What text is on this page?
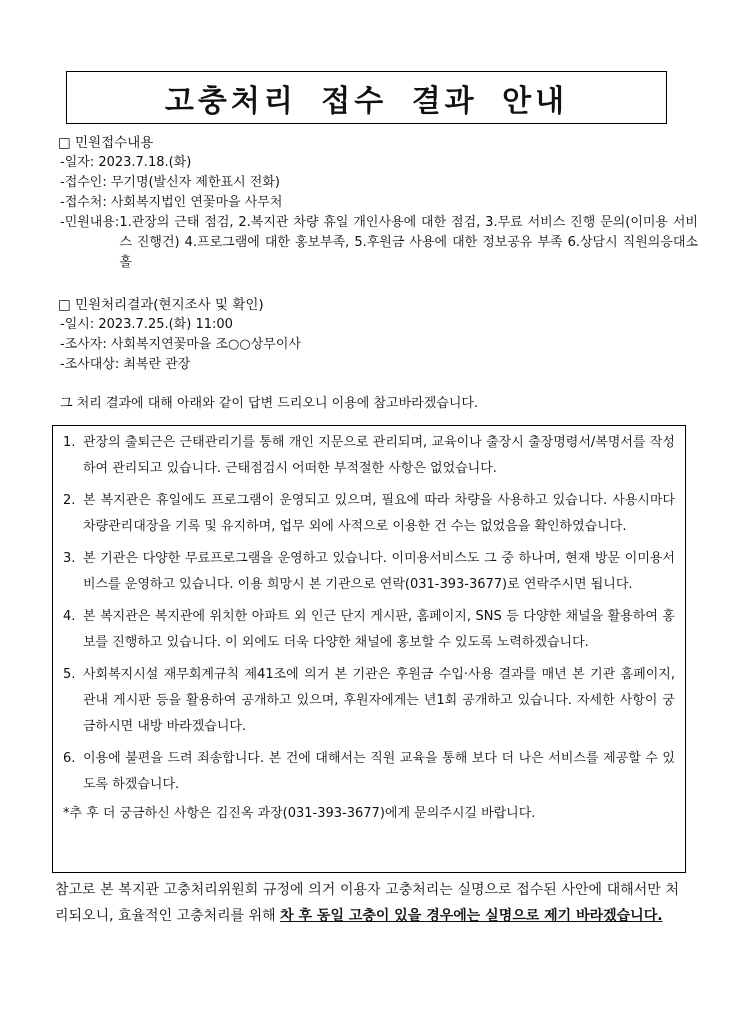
고충처리 접수 결과 안내
□ 민원접수내용
-일자: 2023.7.18.(화)
-접수인: 무기명(발신자 제한표시 전화)
-접수처: 사회복지법인 연꽃마을 사무처
-민원내용: 1.관장의 근태 점검, 2.복지관 차량 휴일 개인사용에 대한 점검, 3.무료 서비스 진행 문의(이미용 서비스 진행건) 4.프로그램에 대한 홍보부족, 5.후원금 사용에 대한 정보공유 부족 6.상담시 직원의응대소홀
□ 민원처리결과(현지조사 및 확인)
-일시: 2023.7.25.(화) 11:00
-조사자: 사회복지연꽃마을 조○○상무이사
-조사대상: 최복란 관장
그 처리 결과에 대해 아래와 같이 답변 드리오니 이용에 참고바라겠습니다.
1. 관장의 출퇴근은 근태관리기를 통해 개인 지문으로 관리되며, 교육이나 출장시 출장명령서/복명서를 작성하여 관리되고 있습니다. 근태점검시 어떠한 부적절한 사항은 없었습니다.
2. 본 복지관은 휴일에도 프로그램이 운영되고 있으며, 필요에 따라 차량을 사용하고 있습니다. 사용시마다 차량관리대장을 기록 및 유지하며, 업무 외에 사적으로 이용한 건 수는 없었음을 확인하였습니다.
3. 본 기관은 다양한 무료프로그램을 운영하고 있습니다. 이미용서비스도 그 중 하나며, 현재 방문 이미용서비스를 운영하고 있습니다. 이용 희망시 본 기관으로 연락(031-393-3677)로 연락주시면 됩니다.
4. 본 복지관은 복지관에 위치한 아파트 외 인근 단지 게시판, 홈페이지, SNS 등 다양한 채널을 활용하여 홍보를 진행하고 있습니다. 이 외에도 더욱 다양한 채널에 홍보할 수 있도록 노력하겠습니다.
5. 사회복지시설 재무회계규칙 제41조에 의거 본 기관은 후원금 수입·사용 결과를 매년 본 기관 홈페이지, 관내 게시판 등을 활용하여 공개하고 있으며, 후원자에게는 년1회 공개하고 있습니다. 자세한 사항이 궁금하시면 내방 바라겠습니다.
6. 이용에 불편을 드려 죄송합니다. 본 건에 대해서는 직원 교육을 통해 보다 더 나은 서비스를 제공할 수 있도록 하겠습니다.
*추 후 더 궁금하신 사항은 김진옥 과장(031-393-3677)에게 문의주시길 바랍니다.
참고로 본 복지관 고충처리위원회 규정에 의거 이용자 고충처리는 실명으로 접수된 사안에 대해서만 처리되오니, 효율적인 고충처리를 위해 차 후 동일 고충이 있을 경우에는 실명으로 제기 바라겠습니다.
